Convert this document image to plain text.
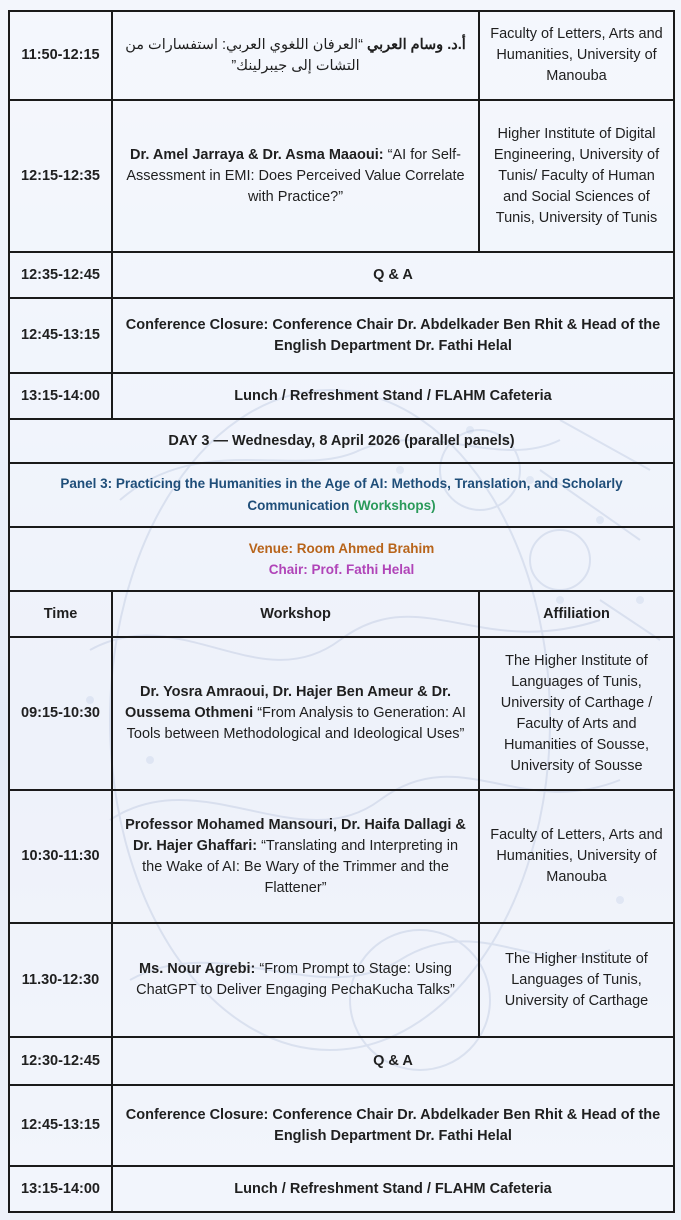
11:50-12:15	أ.د. وسام العربي “العرفان اللغوي العربي: استفسارات من التشات إلى جيبرلينك”	Faculty of Letters, Arts and Humanities, University of Manouba
12:15-12:35	Dr. Amel Jarraya & Dr. Asma Maaoui: “AI for Self-Assessment in EMI: Does Perceived Value Correlate with Practice?”	Higher Institute of Digital Engineering, University of Tunis/ Faculty of Human and Social Sciences of Tunis, University of Tunis
12:35-12:45	Q & A	
12:45-13:15	Conference Closure: Conference Chair Dr. Abdelkader Ben Rhit & Head of the English Department Dr. Fathi Helal	
13:15-14:00	Lunch / Refreshment Stand / FLAHM Cafeteria	
DAY 3 — Wednesday, 8 April 2026 (parallel panels)		
Panel 3: Practicing the Humanities in the Age of AI: Methods, Translation, and Scholarly Communication (Workshops)		

Venue: Room Ahmed Brahim
Chair: Prof. Fathi Helal		

Time	Workshop	Affiliation
09:15-10:30	Dr. Yosra Amraoui, Dr. Hajer Ben Ameur & Dr. Oussema Othmeni “From Analysis to Generation: AI Tools between Methodological and Ideological Uses”	The Higher Institute of Languages of Tunis, University of Carthage / Faculty of Arts and Humanities of Sousse, University of Sousse
10:30-11:30	Professor Mohamed Mansouri, Dr. Haifa Dallagi & Dr. Hajer Ghaffari: “Translating and Interpreting in the Wake of AI: Be Wary of the Trimmer and the Flattener”	Faculty of Letters, Arts and Humanities, University of Manouba
11.30-12:30	Ms. Nour Agrebi: “From Prompt to Stage: Using ChatGPT to Deliver Engaging PechaKucha Talks”	The Higher Institute of Languages of Tunis, University of Carthage
12:30-12:45	Q & A	
12:45-13:15	Conference Closure: Conference Chair Dr. Abdelkader Ben Rhit & Head of the English Department Dr. Fathi Helal	
13:15-14:00	Lunch / Refreshment Stand / FLAHM Cafeteria	
